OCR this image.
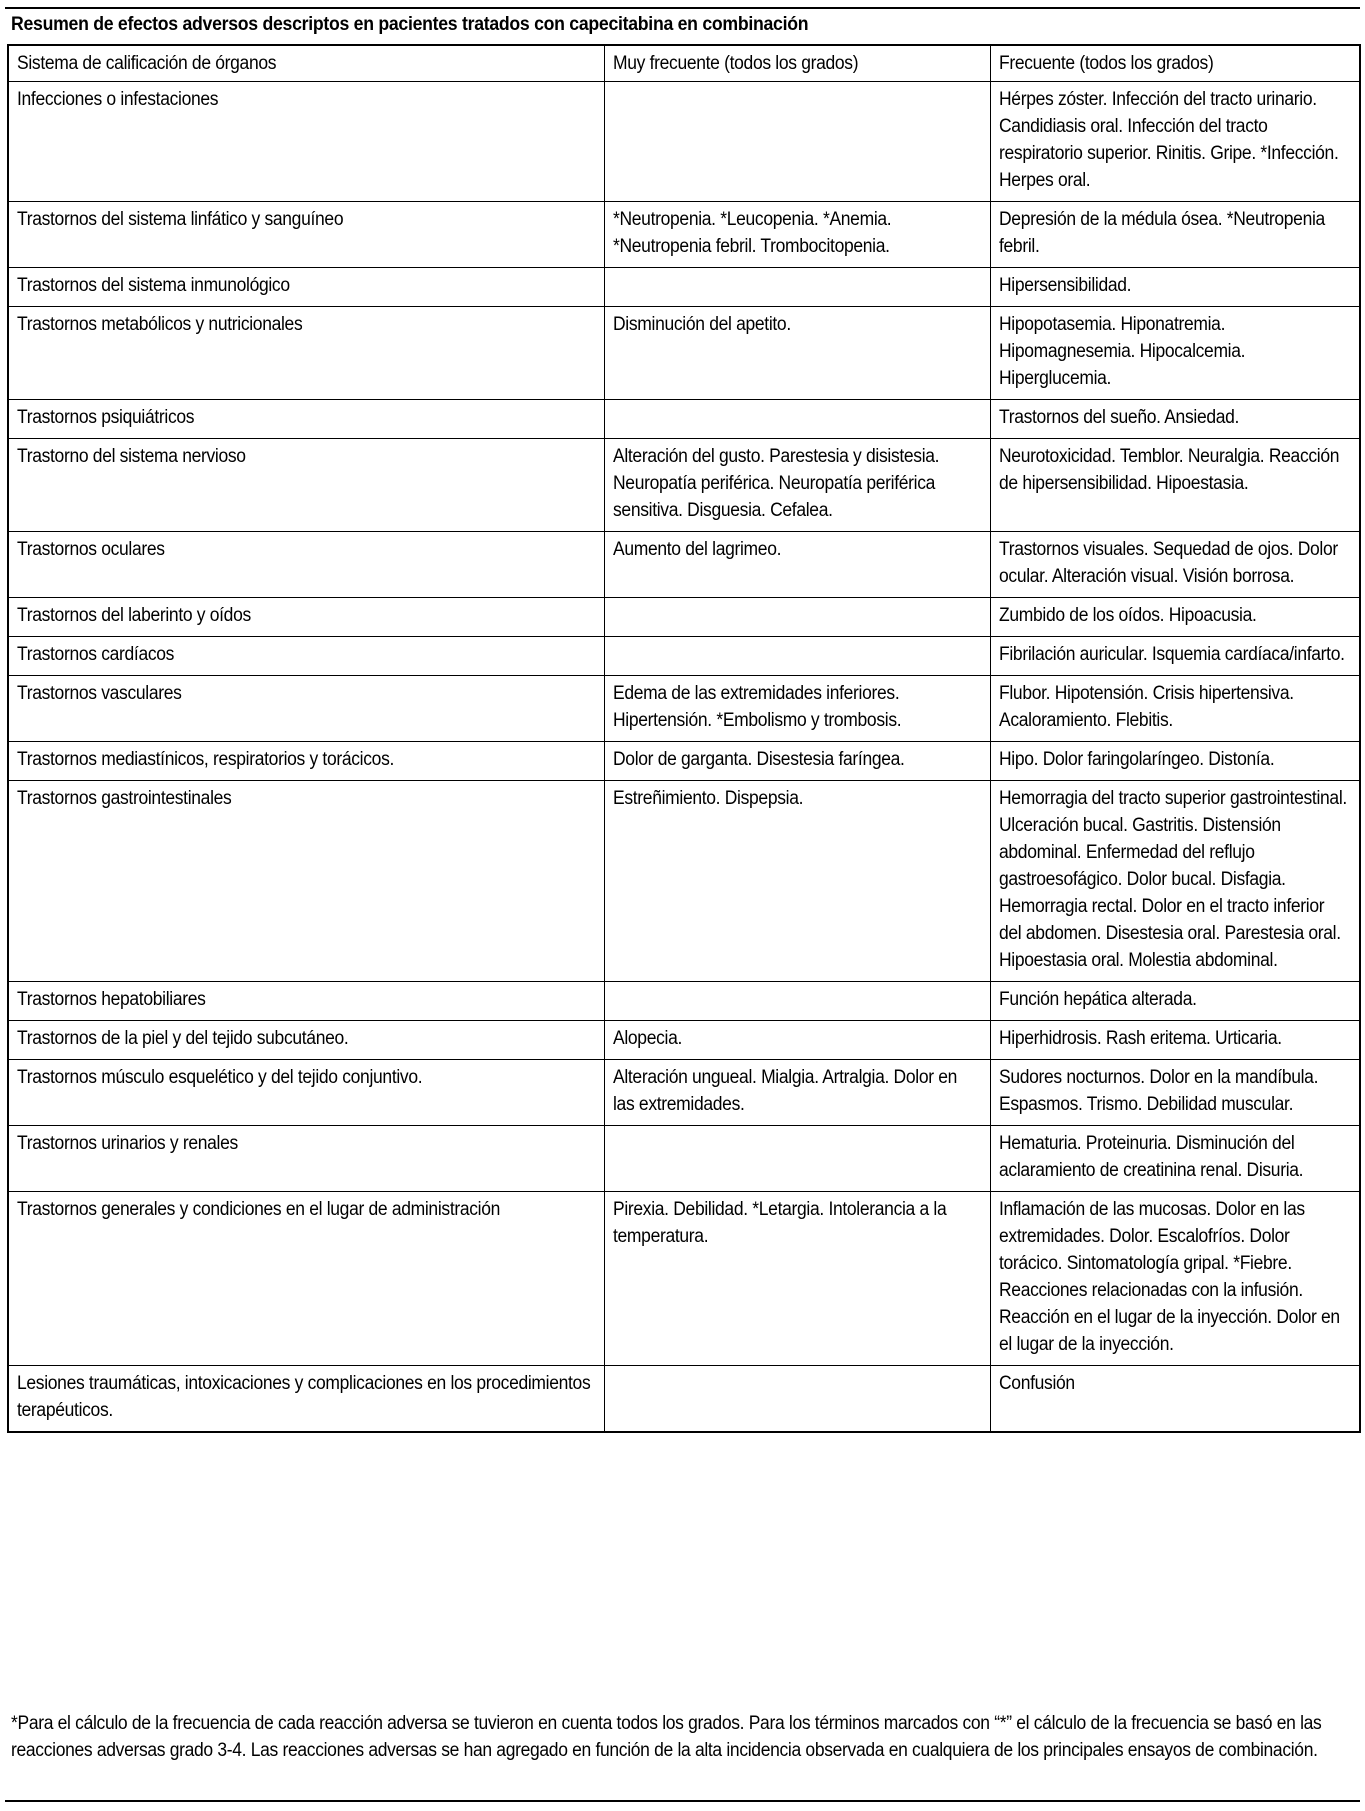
Resumen de efectos adversos descriptos en pacientes tratados con capecitabina en combinación
Sistema de calificación de órganos	Muy frecuente (todos los grados)	Frecuente (todos los grados)

Infecciones o infestaciones		Hérpes zóster. Infección del tracto urinario. Candidiasis oral. Infección del tracto respiratorio superior. Rinitis. Gripe. *Infección. Herpes oral.

Trastornos del sistema linfático y sanguíneo	*Neutropenia. *Leucopenia. *Anemia. *Neutropenia febril. Trombocitopenia.	Depresión de la médula ósea. *Neutropenia febril.

Trastornos del sistema inmunológico		Hipersensibilidad.

Trastornos metabólicos y nutricionales	Disminución del apetito.	Hipopotasemia. Hiponatremia. Hipomagnesemia. Hipocalcemia. Hiperglucemia.

Trastornos psiquiátricos		Trastornos del sueño. Ansiedad.

Trastorno del sistema nervioso	Alteración del gusto. Parestesia y disistesia. Neuropatía periférica. Neuropatía periférica sensitiva. Disguesia. Cefalea.	Neurotoxicidad. Temblor. Neuralgia. Reacción de hipersensibilidad. Hipoestasia.

Trastornos oculares	Aumento del lagrimeo.	Trastornos visuales. Sequedad de ojos. Dolor ocular. Alteración visual. Visión borrosa.

Trastornos del laberinto y oídos		Zumbido de los oídos. Hipoacusia.

Trastornos cardíacos		Fibrilación auricular. Isquemia cardíaca/infarto.

Trastornos vasculares	Edema de las extremidades inferiores. Hipertensión. *Embolismo y trombosis.	Flubor. Hipotensión. Crisis hipertensiva. Acaloramiento. Flebitis.

Trastornos mediastínicos, respiratorios y torácicos.	Dolor de garganta. Disestesia faríngea.	Hipo. Dolor faringolaríngeo. Distonía.

Trastornos gastrointestinales	Estreñimiento. Dispepsia.	Hemorragia del tracto superior gastrointestinal. Ulceración bucal. Gastritis. Distensión abdominal. Enfermedad del reflujo gastroesofágico. Dolor bucal. Disfagia. Hemorragia rectal. Dolor en el tracto inferior del abdomen. Disestesia oral. Parestesia oral. Hipoestasia oral. Molestia abdominal.

Trastornos hepatobiliares		Función hepática alterada.

Trastornos de la piel y del tejido subcutáneo.	Alopecia.	Hiperhidrosis. Rash eritema. Urticaria.

Trastornos músculo esquelético y del tejido conjuntivo.	Alteración ungueal. Mialgia. Artralgia. Dolor en las extremidades.	Sudores nocturnos. Dolor en la mandíbula. Espasmos. Trismo. Debilidad muscular.

Trastornos urinarios y renales		Hematuria. Proteinuria. Disminución del aclaramiento de creatinina renal. Disuria.

Trastornos generales y condiciones en el lugar de administración	Pirexia. Debilidad. *Letargia. Intolerancia a la temperatura.	Inflamación de las mucosas. Dolor en las extremidades. Dolor. Escalofríos. Dolor torácico. Sintomatología gripal. *Fiebre. Reacciones relacionadas con la infusión. Reacción en el lugar de la inyección. Dolor en el lugar de la inyección.

Lesiones traumáticas, intoxicaciones y complicaciones en los procedimientos terapéuticos.		Confusión
*Para el cálculo de la frecuencia de cada reacción adversa se tuvieron en cuenta todos los grados. Para los términos marcados con “*” el cálculo de la frecuencia se basó en las reacciones adversas grado 3-4. Las reacciones adversas se han agregado en función de la alta incidencia observada en cualquiera de los principales ensayos de combinación.
